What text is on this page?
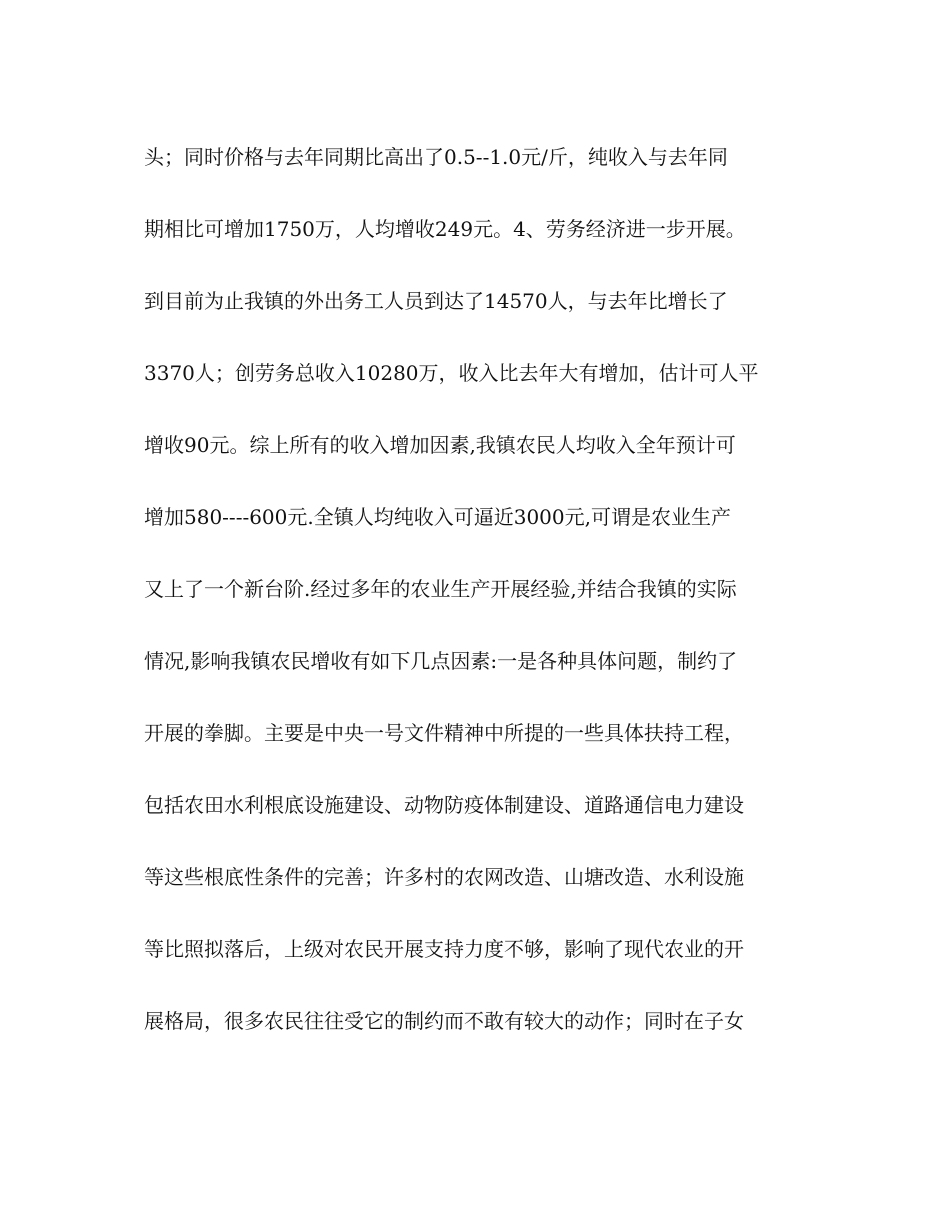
头；同时价格与去年同期比高出了0.5--1.0元/斤，纯收入与去年同
期相比可增加1750万，人均增收249元。4、劳务经济进一步开展。
到目前为止我镇的外出务工人员到达了14570人，与去年比增长了
3370人；创劳务总收入10280万，收入比去年大有增加，估计可人平
增收90元。综上所有的收入增加因素,我镇农民人均收入全年预计可
增加580----600元.全镇人均纯收入可逼近3000元,可谓是农业生产
又上了一个新台阶.经过多年的农业生产开展经验,并结合我镇的实际
情况,影响我镇农民增收有如下几点因素:一是各种具体问题，制约了
开展的拳脚。主要是中央一号文件精神中所提的一些具体扶持工程，
包括农田水利根底设施建设、动物防疫体制建设、道路通信电力建设
等这些根底性条件的完善；许多村的农网改造、山塘改造、水利设施
等比照拟落后，上级对农民开展支持力度不够，影响了现代农业的开
展格局，很多农民往往受它的制约而不敢有较大的动作；同时在子女
